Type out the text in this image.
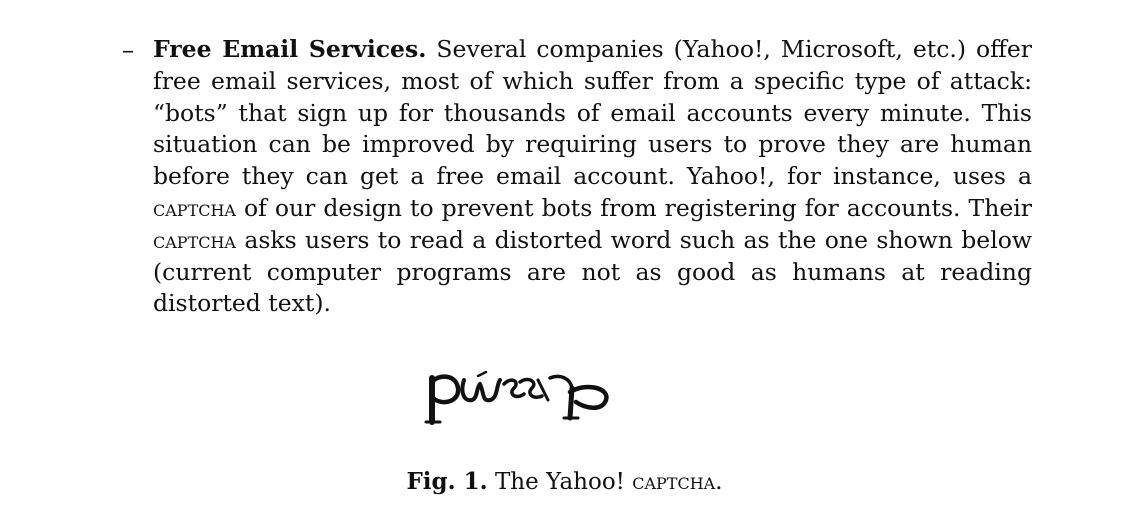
– Free Email Services. Several companies (Yahoo!, Microsoft, etc.) offer free email services, most of which suffer from a specific type of attack: “bots” that sign up for thousands of email accounts every minute. This situation can be improved by requiring users to prove they are human before they can get a free email account. Yahoo!, for instance, uses a captcha of our design to prevent bots from registering for accounts. Their captcha asks users to read a distorted word such as the one shown below (current computer programs are not as good as humans at reading distorted text).

pwsp
Fig. 1. The Yahoo! captcha.
